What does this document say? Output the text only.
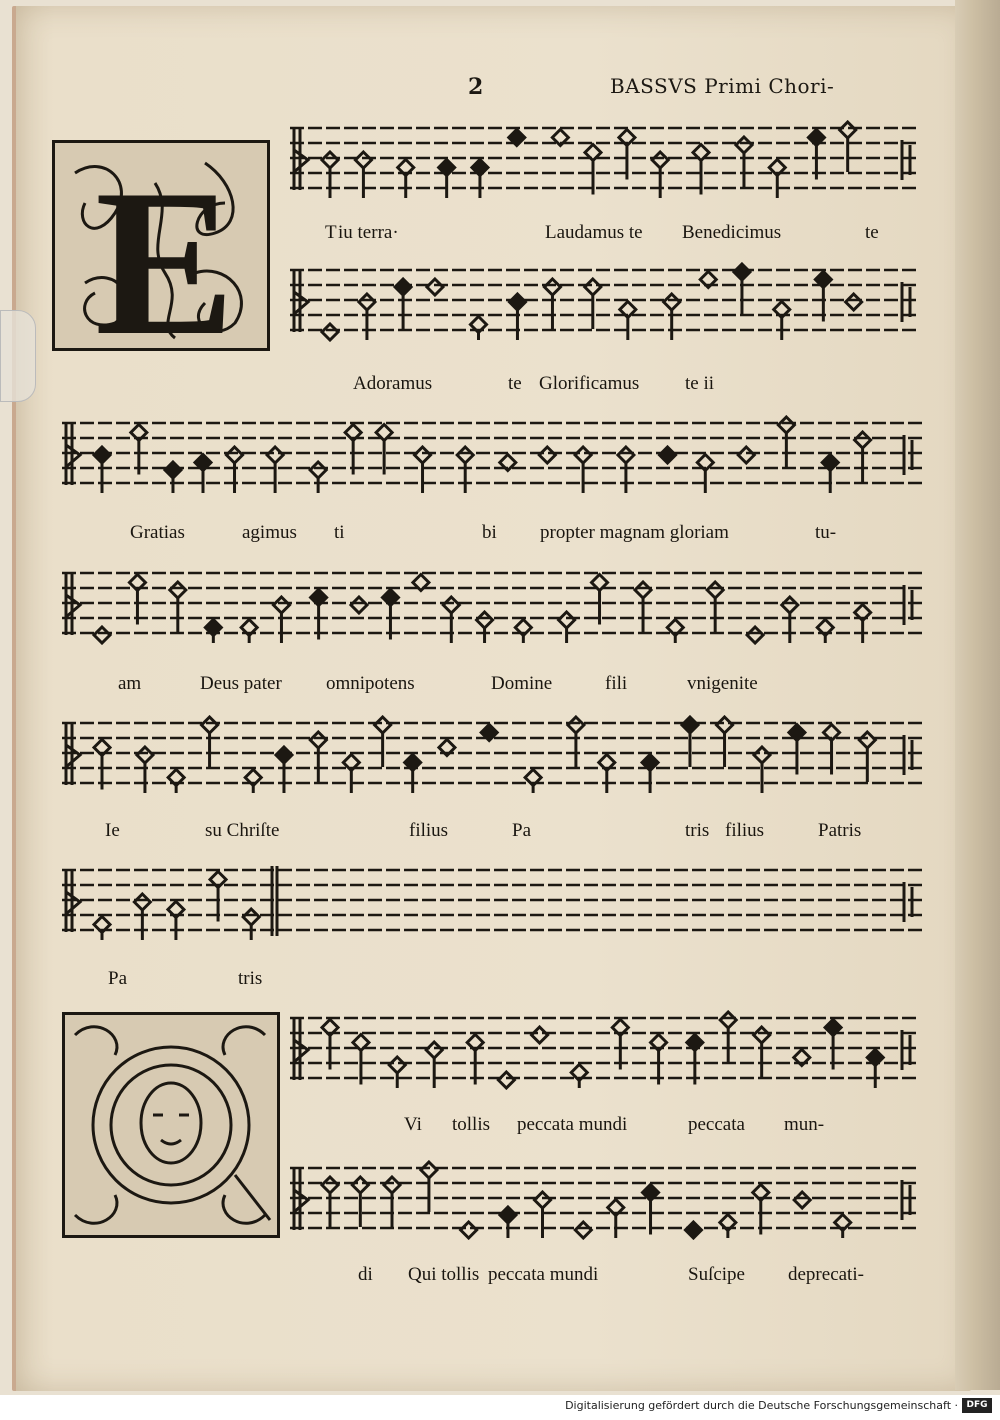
2	BASSVS Primi Chori-
E	T iu terra·	Laudamus te Benedicimus	te
Adoramus	te Glorificamus te ii
Gratias	agimus ti	bi propter magnam gloriam	tu-
am	Deus pater omnipotens	Domine	fili	vnigenite
Ie	su Chriſte	filius	Pa	tris filius	Patris
Pa	tris
Vi tollis peccata mundi	peccata mun-
di Qui tollis peccata mundi	Suſcipe deprecati-
Digitalisierung gefördert durch die Deutsche Forschungsgemeinschaft · DFG
